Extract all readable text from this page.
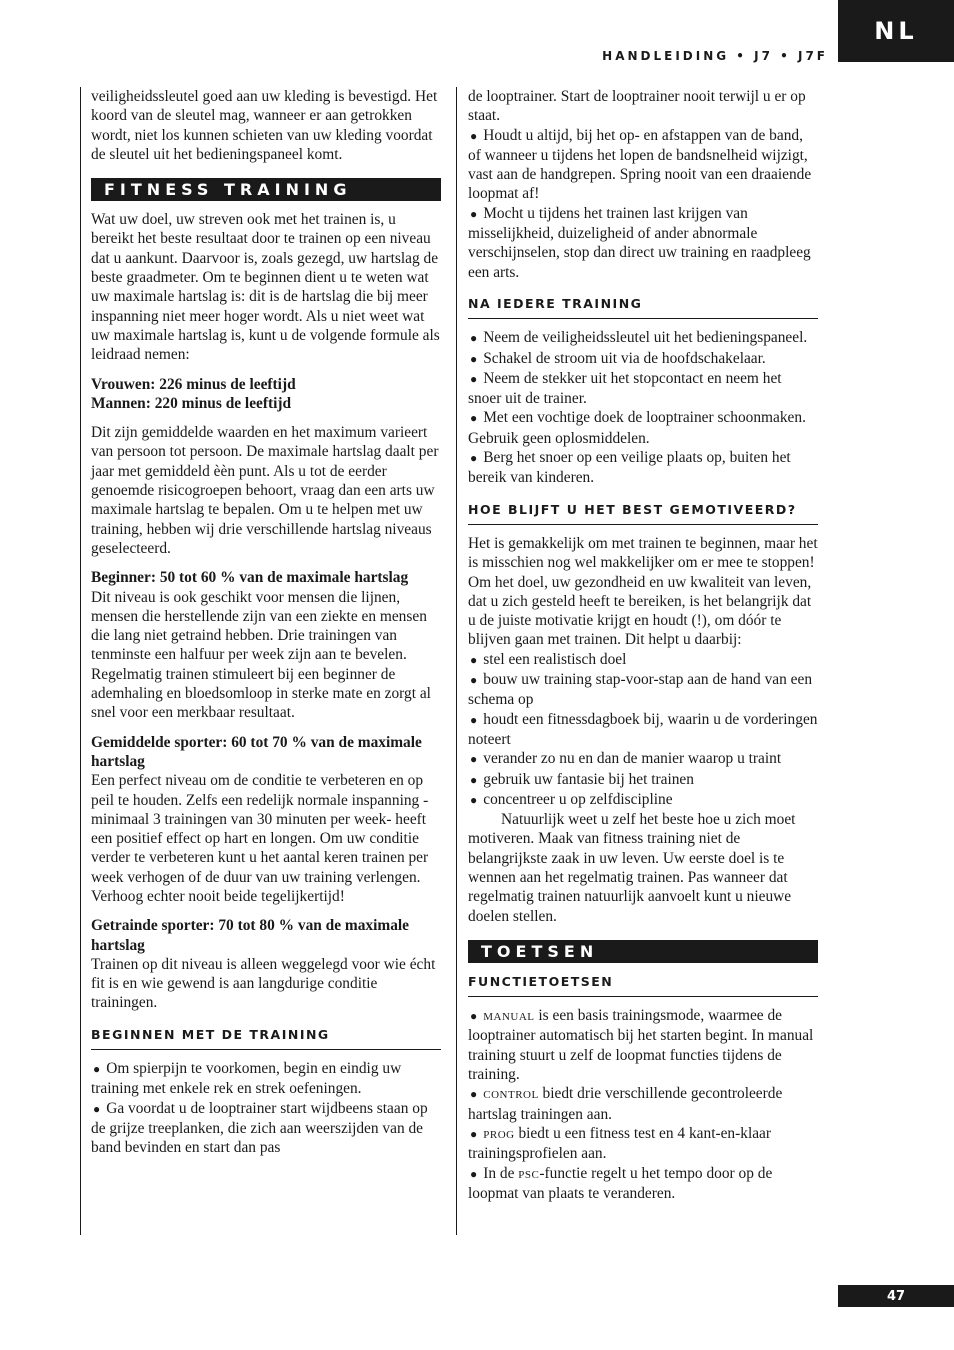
NL
HANDLEIDING • J7 • J7F

veiligheidssleutel goed aan uw kleding is bevestigd. Het koord van de sleutel mag, wanneer er aan getrokken wordt, niet los kunnen schieten van uw kleding voordat de sleutel uit het bedieningspaneel komt.

FITNESS TRAINING

Wat uw doel, uw streven ook met het trainen is, u bereikt het beste resultaat door te trainen op een niveau dat u aankunt. Daarvoor is, zoals gezegd, uw hartslag de beste graadmeter. Om te beginnen dient u te weten wat uw maximale hartslag is: dit is de hartslag die bij meer inspanning niet meer hoger wordt. Als u niet weet wat uw maximale hartslag is, kunt u de volgende formule als leidraad nemen:

Vrouwen: 226 minus de leeftijd

Mannen: 220 minus de leeftijd

Dit zijn gemiddelde waarden en het maximum varieert van persoon tot persoon. De maximale hartslag daalt per jaar met gemiddeld èèn punt. Als u tot de eerder genoemde risicogroepen behoort, vraag dan een arts uw maximale hartslag te bepalen. Om u te helpen met uw training, hebben wij drie verschillende hartslag niveaus geselecteerd.

Beginner: 50 tot 60 % van de maximale hartslag

Dit niveau is ook geschikt voor mensen die lijnen, mensen die herstellende zijn van een ziekte en mensen die lang niet getraind hebben. Drie trainingen van tenminste een halfuur per week zijn aan te bevelen. Regelmatig trainen stimuleert bij een beginner de ademhaling en bloedsomloop in sterke mate en zorgt al snel voor een merkbaar resultaat.

Gemiddelde sporter: 60 tot 70 % van de maximale hartslag

Een perfect niveau om de conditie te verbeteren en op peil te houden. Zelfs een redelijk normale inspanning -minimaal 3 trainingen van 30 minuten per week- heeft een positief effect op hart en longen. Om uw conditie verder te verbeteren kunt u het aantal keren trainen per week verhogen of de duur van uw training verlengen. Verhoog echter nooit beide tegelijkertijd!

Getrainde sporter: 70 tot 80 % van de maximale hartslag

Trainen op dit niveau is alleen weggelegd voor wie écht fit is en wie gewend is aan langdurige conditie trainingen.

BEGINNEN MET DE TRAINING

● Om spierpijn te voorkomen, begin en eindig uw training met enkele rek en strek oefeningen.

● Ga voordat u de looptrainer start wijdbeens staan op de grijze treeplanken, die zich aan weerszijden van de band bevinden en start dan pas

de looptrainer. Start de looptrainer nooit terwijl u er op staat.

● Houdt u altijd, bij het op- en afstappen van de band, of wanneer u tijdens het lopen de bandsnelheid wijzigt, vast aan de handgrepen. Spring nooit van een draaiende loopmat af!

● Mocht u tijdens het trainen last krijgen van misselijkheid, duizeligheid of ander abnormale verschijnselen, stop dan direct uw training en raadpleeg een arts.

NA IEDERE TRAINING

● Neem de veiligheidssleutel uit het bedieningspaneel.

● Schakel de stroom uit via de hoofdschakelaar.

● Neem de stekker uit het stopcontact en neem het snoer uit de trainer.

● Met een vochtige doek de looptrainer schoonmaken. Gebruik geen oplosmiddelen.

● Berg het snoer op een veilige plaats op, buiten het bereik van kinderen.

HOE BLIJFT U HET BEST GEMOTIVEERD?

Het is gemakkelijk om met trainen te beginnen, maar het is misschien nog wel makkelijker om er mee te stoppen! Om het doel, uw gezondheid en uw kwaliteit van leven, dat u zich gesteld heeft te bereiken, is het belangrijk dat u de juiste motivatie krijgt en houdt (!), om dóór te blijven gaan met trainen. Dit helpt u daarbij:

● stel een realistisch doel

● bouw uw training stap-voor-stap aan de hand van een schema op

● houdt een fitnessdagboek bij, waarin u de vorderingen noteert

● verander zo nu en dan de manier waarop u traint

● gebruik uw fantasie bij het trainen

● concentreer u op zelfdiscipline

Natuurlijk weet u zelf het beste hoe u zich moet motiveren. Maak van fitness training niet de belangrijkste zaak in uw leven. Uw eerste doel is te wennen aan het regelmatig trainen. Pas wanneer dat regelmatig trainen natuurlijk aanvoelt kunt u nieuwe doelen stellen.

TOETSEN
FUNCTIETOETSEN

● manual is een basis trainingsmode, waarmee de looptrainer automatisch bij het starten begint. In manual training stuurt u zelf de loopmat functies tijdens de training.

● control biedt drie verschillende gecontroleerde hartslag trainingen aan.

● prog biedt u een fitness test en 4 kant-en-klaar trainingsprofielen aan.

● In de psc-functie regelt u het tempo door op de loopmat van plaats te veranderen.

47
